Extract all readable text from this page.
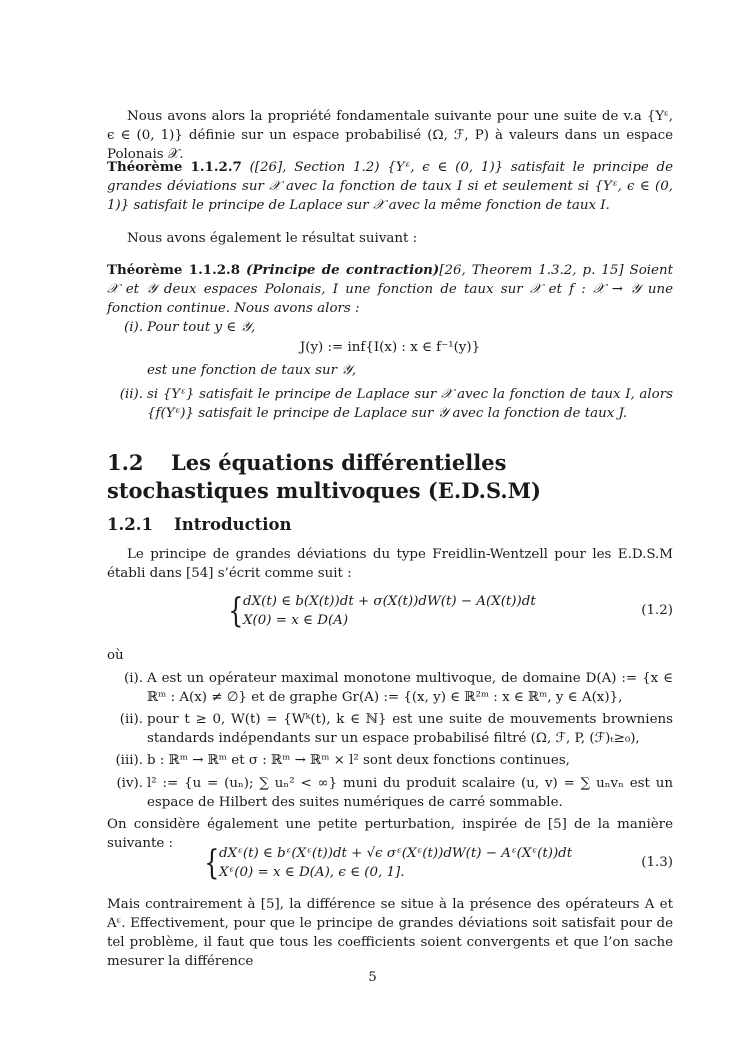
Nous avons alors la propriété fondamentale suivante pour une suite de v.a {Yᵋ, ϵ ∈ (0, 1)} définie sur un espace probabilisé (Ω, ℱ, P) à valeurs dans un espace Polonais 𝒳.
Théorème 1.1.2.7 ([26], Section 1.2) {Yᵋ, ϵ ∈ (0, 1)} satisfait le principe de grandes déviations sur 𝒳 avec la fonction de taux I si et seulement si {Yᵋ, ϵ ∈ (0, 1)} satisfait le principe de Laplace sur 𝒳 avec la même fonction de taux I.
Nous avons également le résultat suivant :
Théorème 1.1.2.8 (Principe de contraction)[26, Theorem 1.3.2, p. 15] Soient 𝒳 et 𝒴 deux espaces Polonais, I une fonction de taux sur 𝒳 et f : 𝒳 → 𝒴 une fonction continue. Nous avons alors :
(i). Pour tout y ∈ 𝒴,
J(y) := inf{I(x) : x ∈ f⁻¹(y)}
est une fonction de taux sur 𝒴,
(ii). si {Yᵋ} satisfait le principe de Laplace sur 𝒳 avec la fonction de taux I, alors {f(Yᵋ)} satisfait le principe de Laplace sur 𝒴 avec la fonction de taux J.
1.2 Les équations différentielles stochastiques multivoques (E.D.S.M)
1.2.1 Introduction
Le principe de grandes déviations du type Freidlin-Wentzell pour les E.D.S.M établi dans [54] s’écrit comme suit :
{ dX(t) ∈ b(X(t))dt + σ(X(t))dW(t) − A(X(t))dt
X(0) = x ∈ D(A)
(1.2)
où
(i). A est un opérateur maximal monotone multivoque, de domaine D(A) := {x ∈ ℝᵐ : A(x) ≠ ∅} et de graphe Gr(A) := {(x, y) ∈ ℝ²ᵐ : x ∈ ℝᵐ, y ∈ A(x)},
(ii). pour t ≥ 0, W(t) = {Wᵏ(t), k ∈ ℕ} est une suite de mouvements browniens standards indépendants sur un espace probabilisé filtré (Ω, ℱ, P, (ℱ)ₜ≥₀),
(iii). b : ℝᵐ → ℝᵐ et σ : ℝᵐ → ℝᵐ × l² sont deux fonctions continues,
(iv). l² := {u = (uₙ); ∑ uₙ² < ∞} muni du produit scalaire (u, v) = ∑ uₙvₙ est un espace de Hilbert des suites numériques de carré sommable.
On considère également une petite perturbation, inspirée de [5] de la manière suivante : { dXᵋ(t) ∈ bᵋ(Xᵋ(t))dt + √ϵ σᵋ(Xᵋ(t))dW(t) − Aᵋ(Xᵋ(t))dt
Xᵋ(0) = x ∈ D(A), ϵ ∈ (0, 1].
(1.3)
Mais contrairement à [5], la différence se situe à la présence des opérateurs A et Aᵋ. Effectivement, pour que le principe de grandes déviations soit satisfait pour de tel problème, il faut que tous les coefficients soient convergents et que l’on sache mesurer la différence
5
